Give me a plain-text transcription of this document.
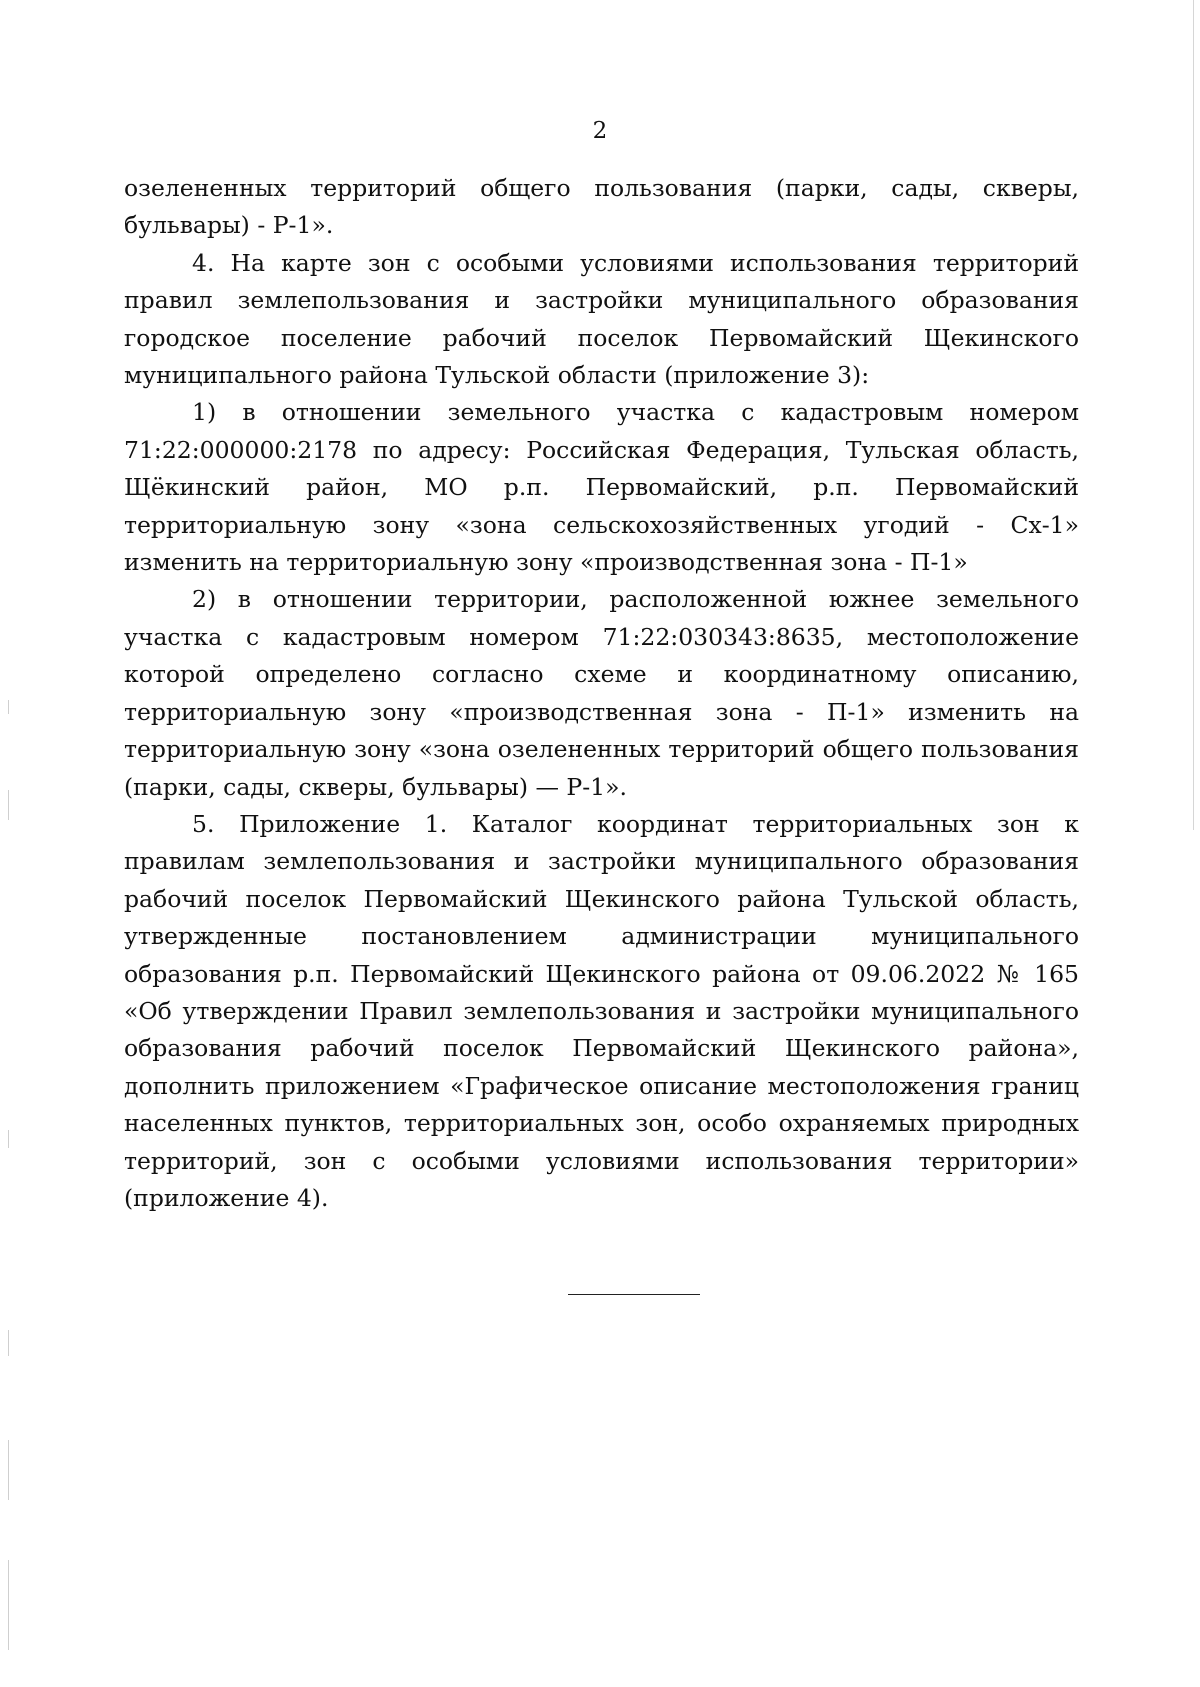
2

озелененных территорий общего пользования (парки, сады, скверы, бульвары) - Р-1».

4. На карте зон с особыми условиями использования территорий правил землепользования и застройки муниципального образования городское поселение рабочий поселок Первомайский Щекинского муниципального района Тульской области (приложение 3):

1) в отношении земельного участка с кадастровым номером 71:22:000000:2178 по адресу: Российская Федерация, Тульская область, Щёкинский район, МО р.п. Первомайский, р.п. Первомайский территориальную зону «зона сельскохозяйственных угодий - Сх-1» изменить на территориальную зону «производственная зона - П-1»

2) в отношении территории, расположенной южнее земельного участка с кадастровым номером 71:22:030343:8635, местоположение которой определено согласно схеме и координатному описанию, территориальную зону «производственная зона - П-1» изменить на территориальную зону «зона озелененных территорий общего пользования (парки, сады, скверы, бульвары) — Р-1».

5. Приложение 1. Каталог координат территориальных зон к правилам землепользования и застройки муниципального образования рабочий поселок Первомайский Щекинского района Тульской область, утвержденные постановлением администрации муниципального образования р.п. Первомайский Щекинского района от 09.06.2022 № 165 «Об утверждении Правил землепользования и застройки муниципального образования рабочий поселок Первомайский Щекинского района», дополнить приложением «Графическое описание местоположения границ населенных пунктов, территориальных зон, особо охраняемых природных территорий, зон с особыми условиями использования территории» (приложение 4).
